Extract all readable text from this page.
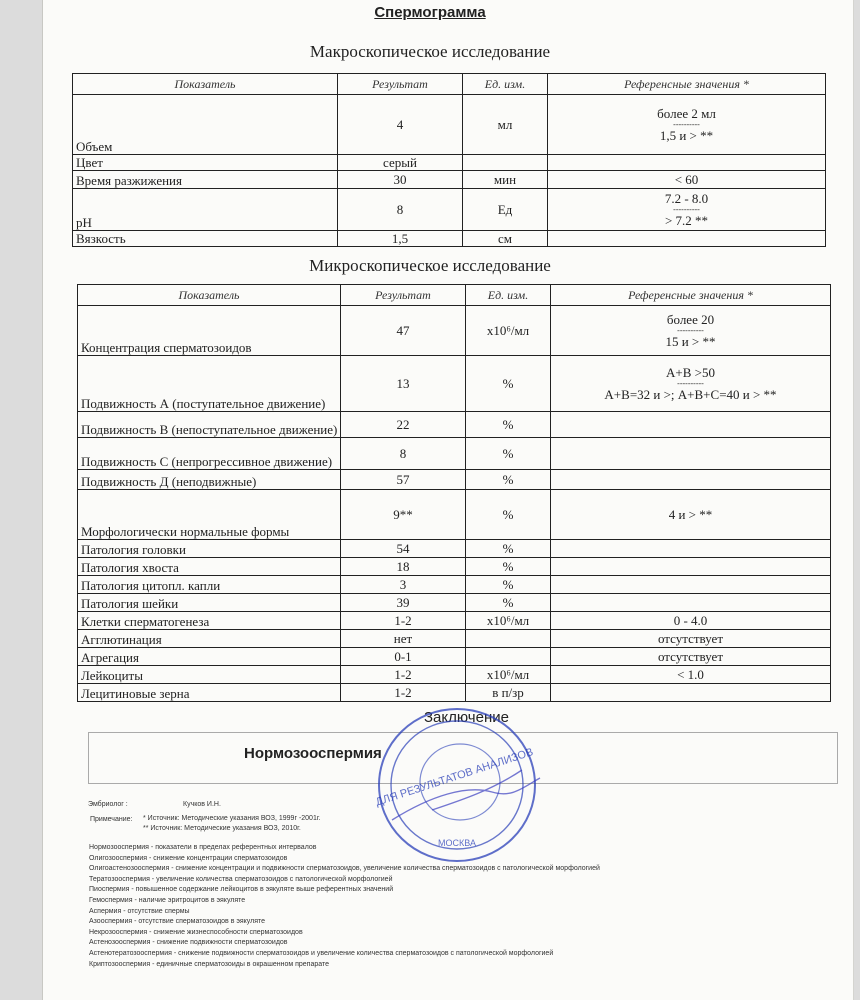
Спермограмма
Макроскопическое исследование
Показатель	Результат	Ед. изм.	Референсные значения *
Объем	4	мл	более 2 мл
----------
1,5 и > **

Цвет	серый		
Время разжижения	30	мин	< 60

pH	8	Ед	7.2 - 8.0
----------
> 7.2 **

Вязкость	1,5	см	
Микроскопическое исследование
Показатель	Результат	Ед. изм.	Референсные значения *
Концентрация сперматозоидов	47	х10⁶/мл	более 20
----------
15 и > **

Подвижность А (поступательное движение)	13	%	А+В >50
----------
А+В=32 и >; А+В+С=40 и > **

Подвижность В (непоступательное движение)	22	%	
Подвижность С (непрогрессивное движение)	8	%	
Подвижность Д (неподвижные)	57	%	
Морфологически нормальные формы	9**	%	4 и > **

Патология головки	54	%	
Патология хвоста	18	%	
Патология цитопл. капли	3	%	
Патология шейки	39	%	
Клетки сперматогенеза	1-2	х10⁶/мл	0 - 4.0

Агглютинация	нет		отсутствует

Агрегация	0-1		отсутствует

Лейкоциты	1-2	х10⁶/мл	< 1.0

Лецитиновые зерна	1-2	в п/зр	
Нормозооспермия
Заключение
Эмбриолог :	Кучков И.Н.
Примечание: * Источник: Методические указания ВОЗ, 1999г -2001г.
** Источник: Методические указания ВОЗ, 2010г.
Нормозооспермия - показатели в пределах референтных интервалов
Олигозооспермия - снижение концентрации сперматозоидов
Олигоастенозооспермия - снижение концентрации и подвижности сперматозоидов, увеличение количества сперматозоидов с патологической морфологией
Тератозооспермия - увеличение количества сперматозоидов с патологической морфологией
Пиоспермия - повышенное содержание лейкоцитов в эякуляте выше референтных значений
Гемоспермия - наличие эритроцитов в эякуляте
Аспермия - отсутствие спермы
Азооспермия - отсутствие сперматозоидов в эякуляте
Некрозооспермия - снижение жизнеспособности сперматозоидов
Астенозооспермия - снижение подвижности сперматозоидов
Астенотератозооспермия - снижение подвижности сперматозоидов и увеличение количества сперматозоидов с патологической морфологией
Криптозооспермия - единичные сперматозоиды в окрашенном препарате
ДЛЯ РЕЗУЛЬТАТОВ АНАЛИЗОВ
МОСКВА
